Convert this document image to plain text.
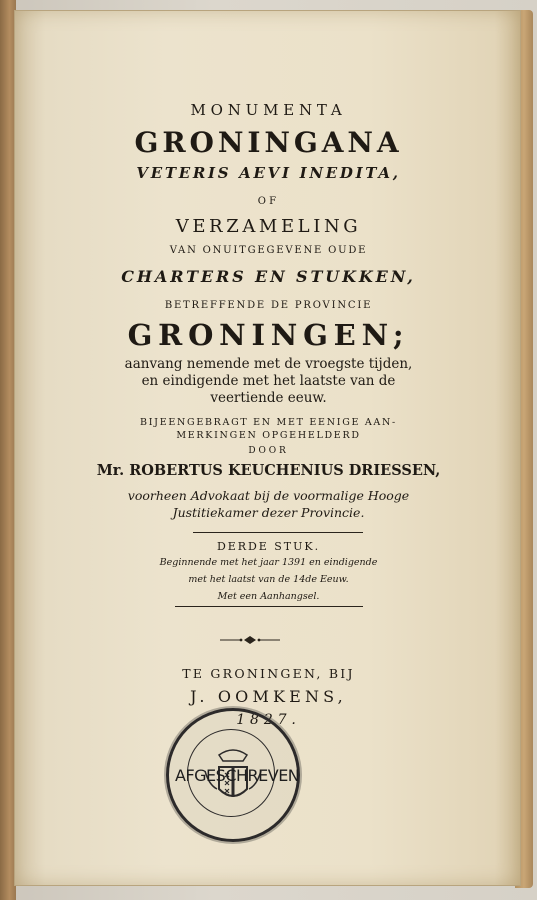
MONUMENTA
GRONINGANA
VETERIS AEVI INEDITA,
OF
VERZAMELING
VAN ONUITGEGEVENE OUDE
CHARTERS EN STUKKEN,
BETREFFENDE DE PROVINCIE
GRONINGEN;
aanvang nemende met de vroegste tijden,
en eindigende met het laatste van de
veertiende eeuw.
BIJEENGEBRAGT EN MET EENIGE AAN-
MERKINGEN OPGEHELDERD
DOOR
Mr. ROBERTUS KEUCHENIUS DRIESSEN,
voorheen Advokaat bij de voormalige Hooge
Justitiekamer dezer Provincie.
DERDE STUK.
Beginnende met het jaar 1391 en eindigende
met het laatst van de 14de Eeuw.
Met een Aanhangsel.
TE GRONINGEN, BIJ
J. OOMKENS,
1827.
AFGESCHREVEN
